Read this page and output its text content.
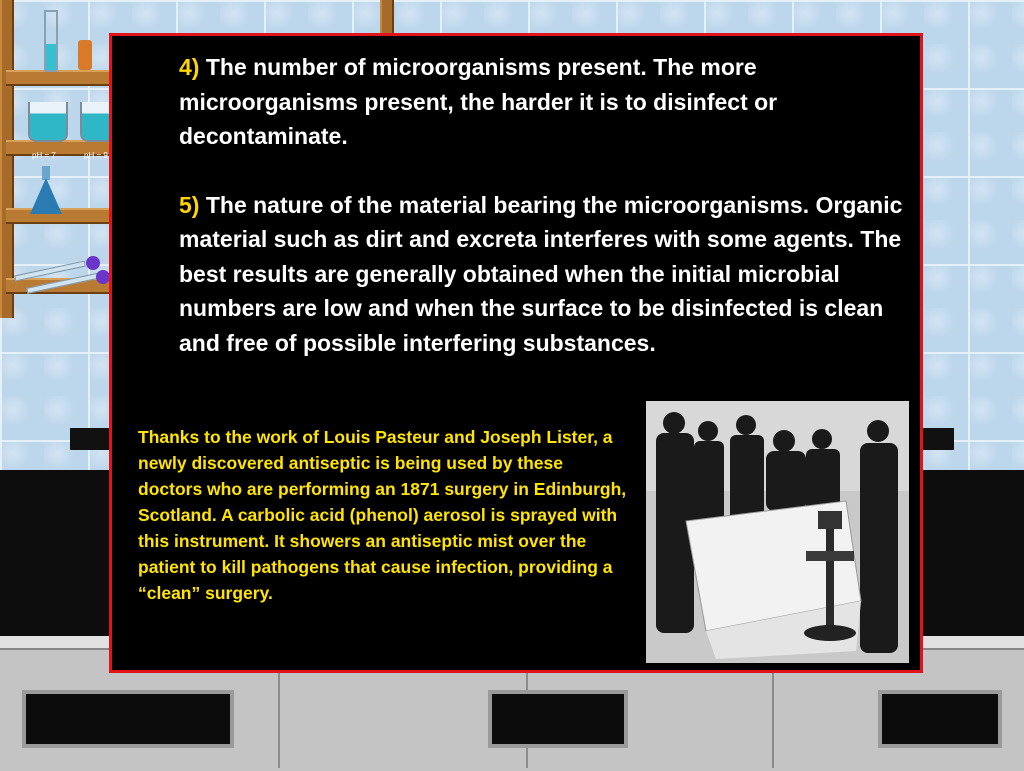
pH = 7	pH = 9

4) The number of microorganisms present. The more microorganisms present, the harder it is to disinfect or decontaminate.

5) The nature of the material bearing the microorganisms. Organic material such as dirt and excreta interferes with some agents. The best results are generally obtained when the initial microbial numbers are low and when the surface to be disinfected is clean and free of possible interfering substances.

Thanks to the work of Louis Pasteur and Joseph Lister, a newly discovered antiseptic is being used by these doctors who are performing an 1871 surgery in Edinburgh, Scotland. A carbolic acid (phenol) aerosol is sprayed with this instrument. It showers an antiseptic mist over the patient to kill pathogens that cause infection, providing a “clean” surgery.
